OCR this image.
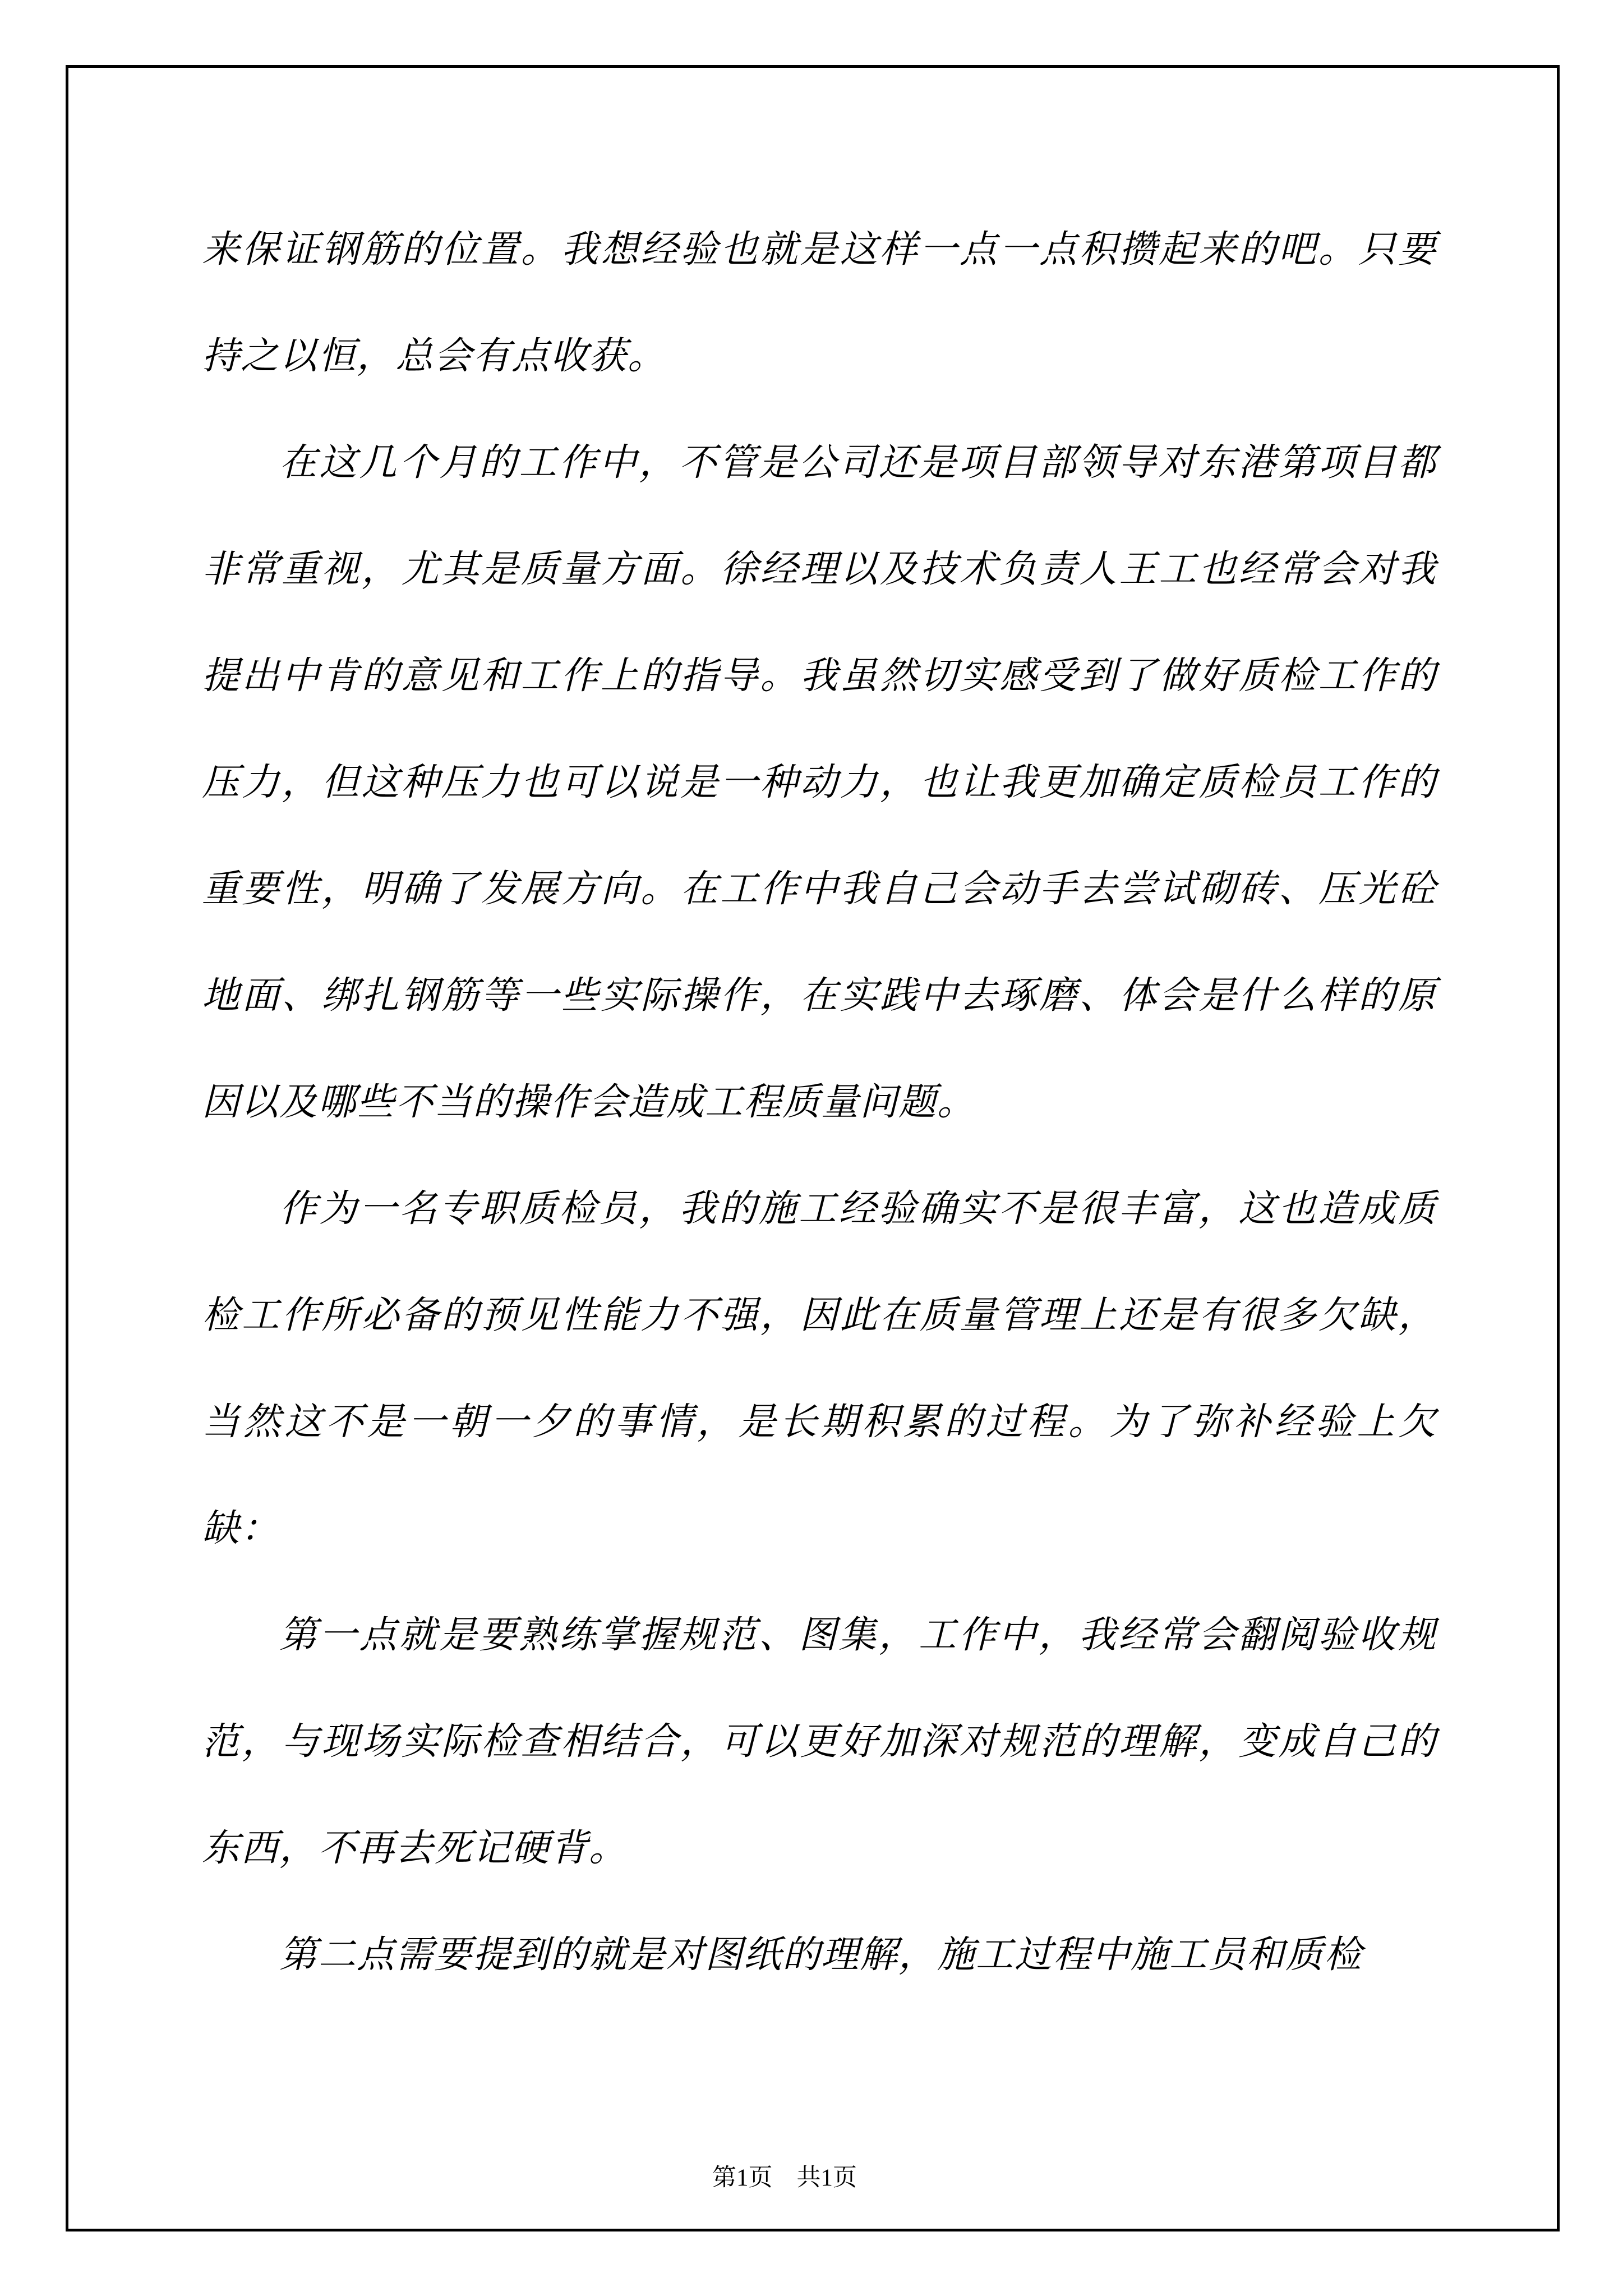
来保证钢筋的位置。我想经验也就是这样一点一点积攒起来的吧。只要持之以恒，总会有点收获。

在这几个月的工作中，不管是公司还是项目部领导对东港第项目都非常重视，尤其是质量方面。徐经理以及技术负责人王工也经常会对我提出中肯的意见和工作上的指导。我虽然切实感受到了做好质检工作的压力，但这种压力也可以说是一种动力，也让我更加确定质检员工作的重要性，明确了发展方向。在工作中我自己会动手去尝试砌砖、压光砼地面、绑扎钢筋等一些实际操作，在实践中去琢磨、体会是什么样的原因以及哪些不当的操作会造成工程质量问题。

作为一名专职质检员，我的施工经验确实不是很丰富，这也造成质检工作所必备的预见性能力不强，因此在质量管理上还是有很多欠缺，当然这不是一朝一夕的事情，是长期积累的过程。为了弥补经验上欠缺：

第一点就是要熟练掌握规范、图集，工作中，我经常会翻阅验收规范，与现场实际检查相结合，可以更好加深对规范的理解，变成自己的东西，不再去死记硬背。

第二点需要提到的就是对图纸的理解，施工过程中施工员和质检

第1页　共1页
